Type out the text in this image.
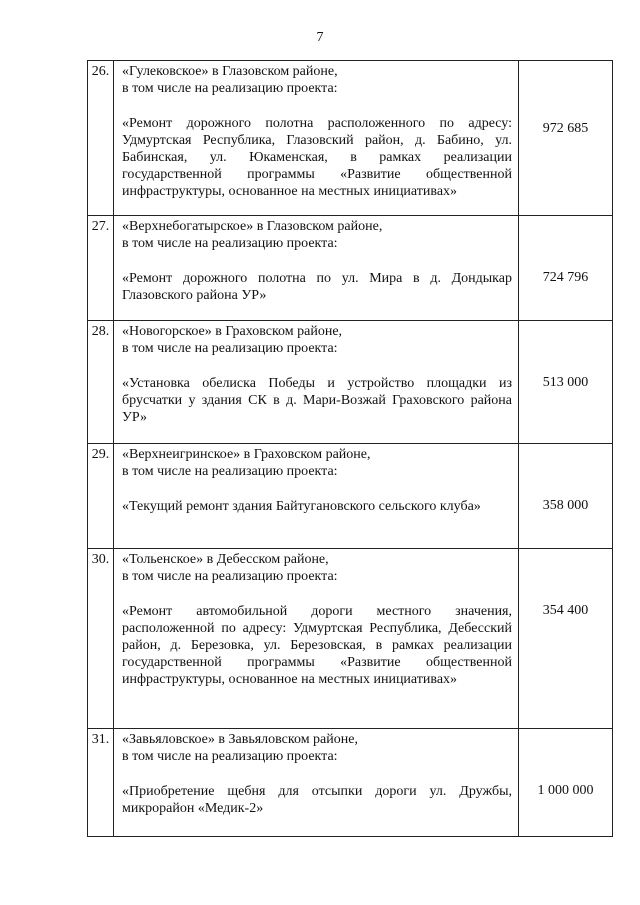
7
26.	«Гулековское» в Глазовском районе,
в том числе на реализацию проекта:
«Ремонт дорожного полотна расположенного по адресу: Удмуртская Республика, Глазовский район, д. Бабино, ул. Бабинская, ул. Юкаменская, в рамках реализации государственной программы «Развитие общественной инфраструктуры, основанное на местных инициативах»	972 685

27.	«Верхнебогатырское» в Глазовском районе,
в том числе на реализацию проекта:
«Ремонт дорожного полотна по ул. Мира в д. Дондыкар Глазовского района УР»	724 796

28.	«Новогорское» в Граховском районе,
в том числе на реализацию проекта:
«Установка обелиска Победы и устройство площадки из брусчатки у здания СК в д. Мари-Возжай Граховского района УР»	513 000

29.	«Верхнеигринское» в Граховском районе,
в том числе на реализацию проекта:
«Текущий ремонт здания Байтугановского сельского клуба»	358 000

30.	«Тольенское» в Дебесском районе,
в том числе на реализацию проекта:
«Ремонт автомобильной дороги местного значения, расположенной по адресу: Удмуртская Республика, Дебесский район, д. Березовка, ул. Березовская, в рамках реализации государственной программы «Развитие общественной инфраструктуры, основанное на местных инициативах»	354 400

31.	«Завьяловское» в Завьяловском районе,
в том числе на реализацию проекта:
«Приобретение щебня для отсыпки дороги ул. Дружбы, микрорайон «Медик-2»	1 000 000
